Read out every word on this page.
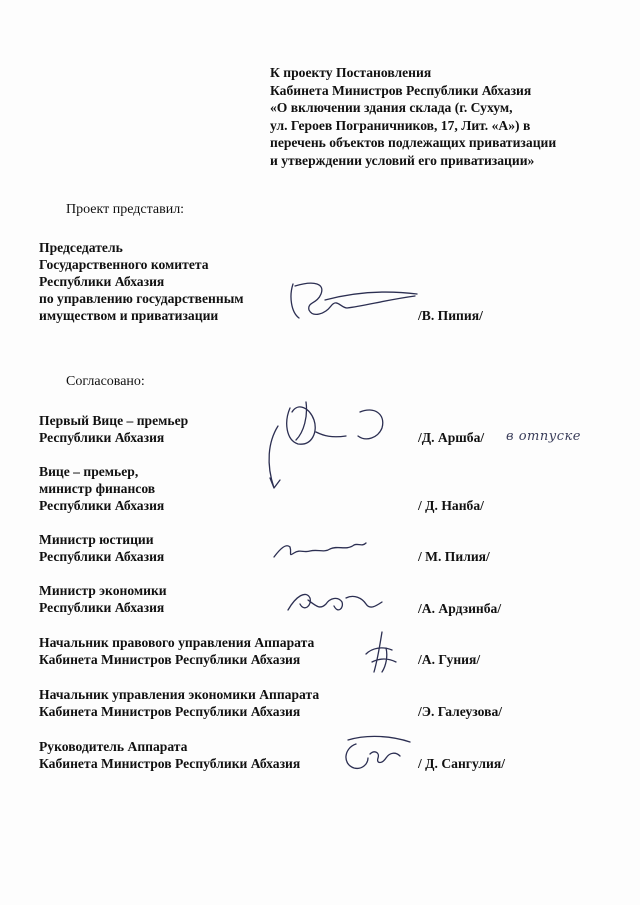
К проекту Постановления
Кабинета Министров Республики Абхазия
«О включении здания склада (г. Сухум,
ул. Героев Пограничников, 17, Лит. «А») в
перечень объектов подлежащих приватизации
и утверждении условий его приватизации»
Проект представил:
Председатель
Государственного комитета
Республики Абхазия
по управлению государственным
имуществом и приватизации	/В. Пипия/
Согласовано:
Первый Вице – премьер
Республики Абхазия	/Д. Аршба/ в отпуске
Вице – премьер,
министр финансов
Республики Абхазия	/ Д. Нанба/
Министр юстиции
Республики Абхазия	/ М. Пилия/
Министр экономики
Республики Абхазия	/А. Ардзинба/
Начальник правового управления Аппарата
Кабинета Министров Республики Абхазия	/А. Гуния/
Начальник управления экономики Аппарата
Кабинета Министров Республики Абхазия	/Э. Галеузова/
Руководитель Аппарата
Кабинета Министров Республики Абхазия	/ Д. Сангулия/
